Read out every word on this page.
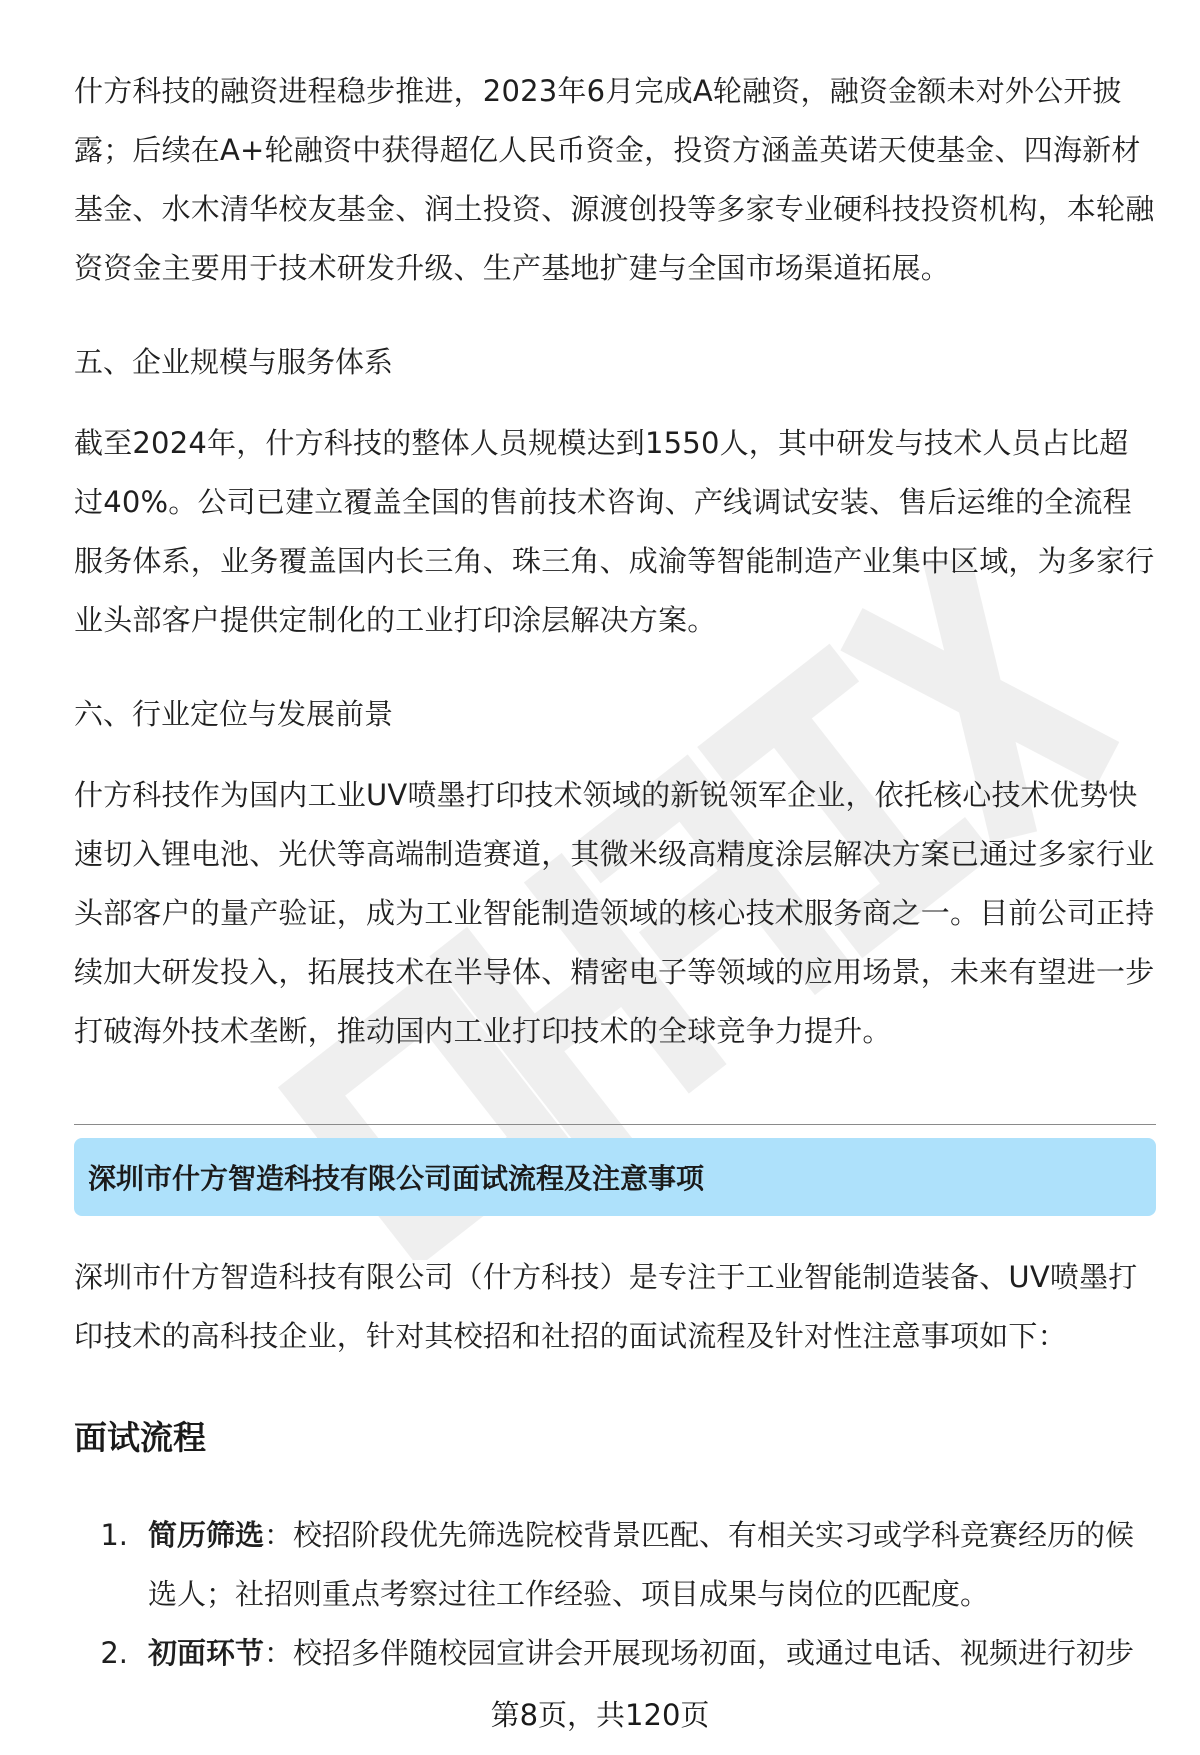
什方科技的融资进程稳步推进，2023年6月完成A轮融资，融资金额未对外公开披露；后续在A+轮融资中获得超亿人民币资金，投资方涵盖英诺天使基金、四海新材基金、水木清华校友基金、润土投资、源渡创投等多家专业硬科技投资机构，本轮融资资金主要用于技术研发升级、生产基地扩建与全国市场渠道拓展。

五、企业规模与服务体系

截至2024年，什方科技的整体人员规模达到1550人，其中研发与技术人员占比超过40%。公司已建立覆盖全国的售前技术咨询、产线调试安装、售后运维的全流程服务体系，业务覆盖国内长三角、珠三角、成渝等智能制造产业集中区域，为多家行业头部客户提供定制化的工业打印涂层解决方案。

六、行业定位与发展前景

什方科技作为国内工业UV喷墨打印技术领域的新锐领军企业，依托核心技术优势快速切入锂电池、光伏等高端制造赛道，其微米级高精度涂层解决方案已通过多家行业头部客户的量产验证，成为工业智能制造领域的核心技术服务商之一。目前公司正持续加大研发投入，拓展技术在半导体、精密电子等领域的应用场景，未来有望进一步打破海外技术垄断，推动国内工业打印技术的全球竞争力提升。

深圳市什方智造科技有限公司面试流程及注意事项

深圳市什方智造科技有限公司（什方科技）是专注于工业智能制造装备、UV喷墨打印技术的高科技企业，针对其校招和社招的面试流程及针对性注意事项如下：

面试流程
1. 简历筛选：校招阶段优先筛选院校背景匹配、有相关实习或学科竞赛经历的候选人；社招则重点考察过往工作经验、项目成果与岗位的匹配度。
2. 初面环节：校招多伴随校园宣讲会开展现场初面，或通过电话、视频进行初步
第8页，共120页
